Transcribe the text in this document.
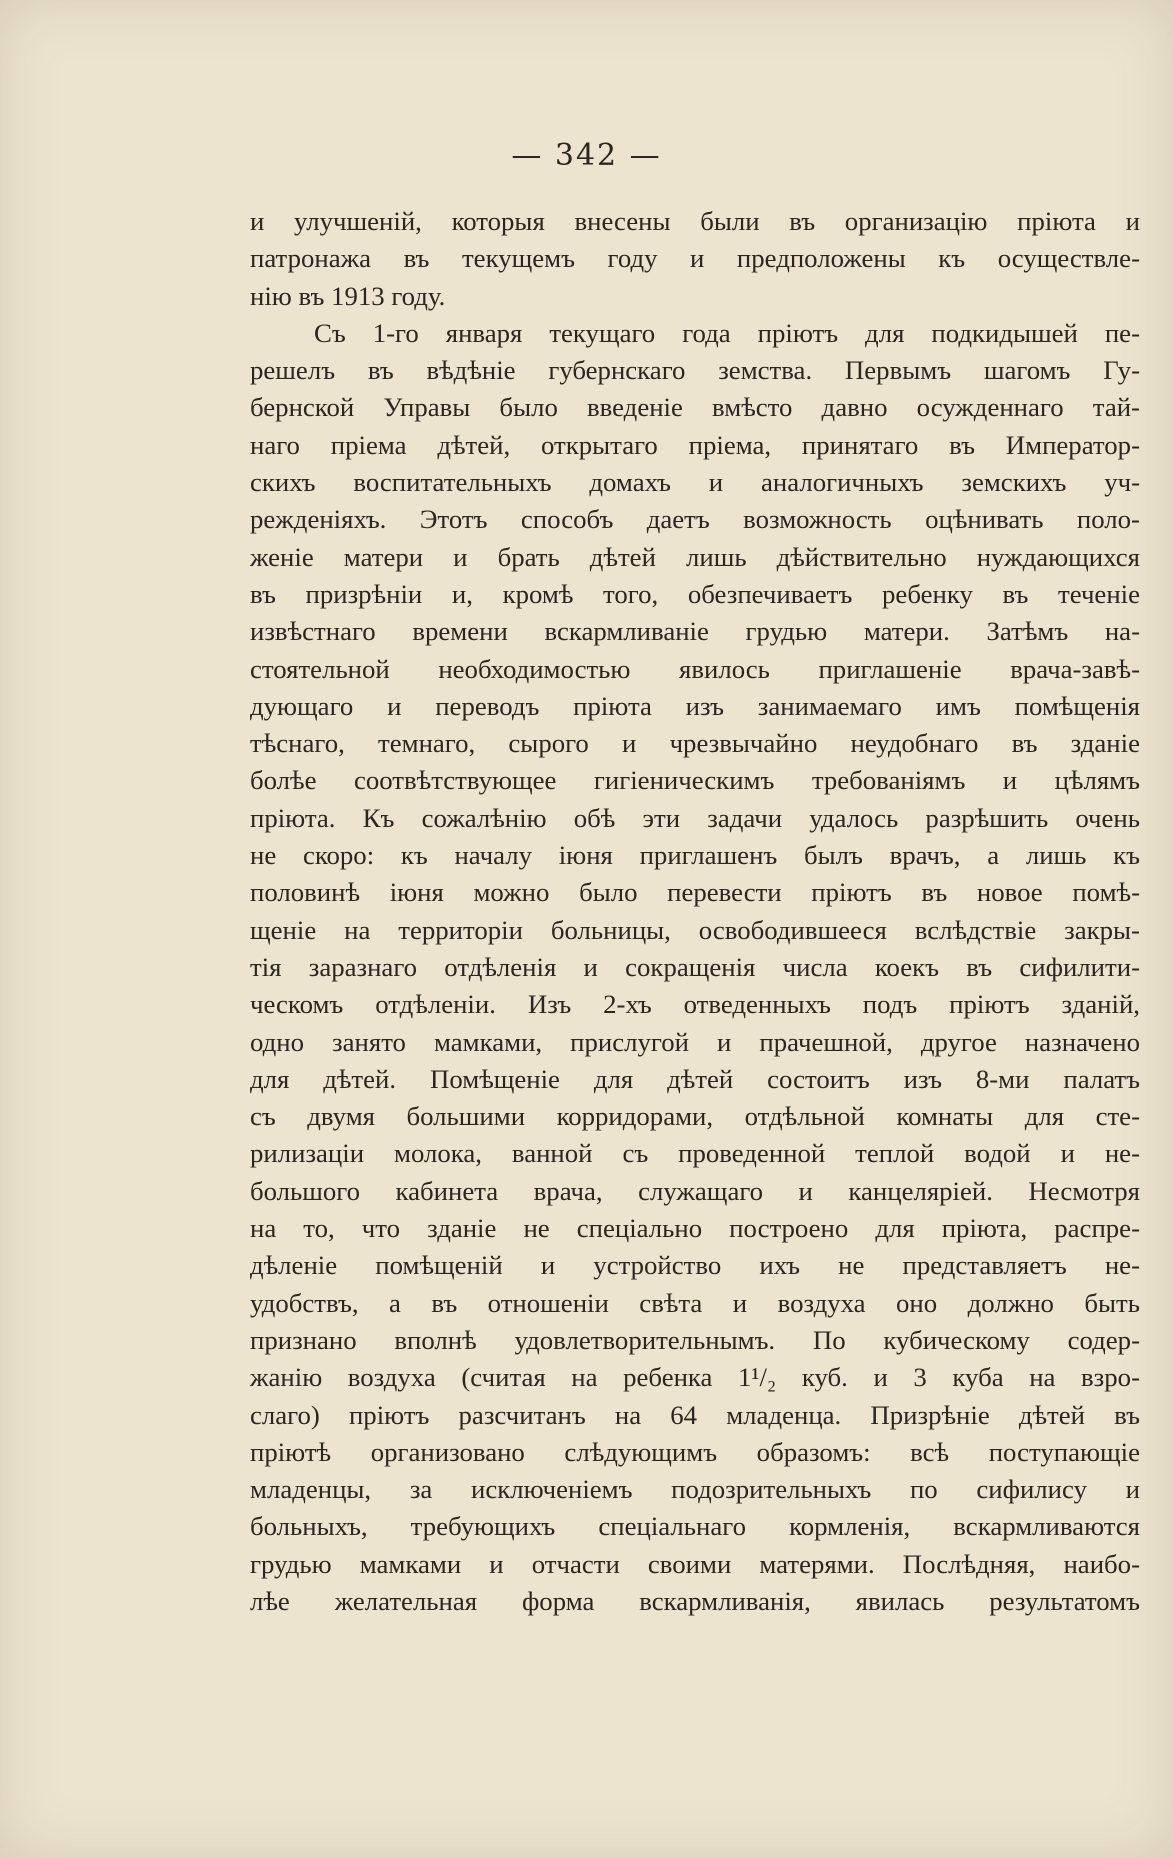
— 342 —
и улучшеній, которыя внесены были въ организацію пріюта и
патронажа въ текущемъ году и предположены къ осуществле-
нію въ 1913 году.
Съ 1-го января текущаго года пріютъ для подкидышей пе-
решелъ въ вѣдѣніе губернскаго земства. Первымъ шагомъ Гу-
бернской Управы было введеніе вмѣсто давно осужденнаго тай-
наго пріема дѣтей, открытаго пріема, принятаго въ Император-
скихъ воспитательныхъ домахъ и аналогичныхъ земскихъ уч-
режденіяхъ. Этотъ способъ даетъ возможность оцѣнивать поло-
женіе матери и брать дѣтей лишь дѣйствительно нуждающихся
въ призрѣніи и, кромѣ того, обезпечиваетъ ребенку въ теченіе
извѣстнаго времени вскармливаніе грудью матери. Затѣмъ на-
стоятельной необходимостью явилось приглашеніе врача-завѣ-
дующаго и переводъ пріюта изъ занимаемаго имъ помѣщенія
тѣснаго, темнаго, сырого и чрезвычайно неудобнаго въ зданіе
болѣе соотвѣтствующее гигіеническимъ требованіямъ и цѣлямъ
пріюта. Къ сожалѣнію обѣ эти задачи удалось разрѣшить очень
не скоро: къ началу іюня приглашенъ былъ врачъ, а лишь къ
половинѣ іюня можно было перевести пріютъ въ новое помѣ-
щеніе на территоріи больницы, освободившееся вслѣдствіе закры-
тія заразнаго отдѣленія и сокращенія числа коекъ въ сифилити-
ческомъ отдѣленіи. Изъ 2-хъ отведенныхъ подъ пріютъ зданій,
одно занято мамками, прислугой и прачешной, другое назначено
для дѣтей. Помѣщеніе для дѣтей состоитъ изъ 8-ми палатъ
съ двумя большими корридорами, отдѣльной комнаты для сте-
рилизаціи молока, ванной съ проведенной теплой водой и не-
большого кабинета врача, служащаго и канцеляріей. Несмотря
на то, что зданіе не спеціально построено для пріюта, распре-
дѣленіе помѣщеній и устройство ихъ не представляетъ не-
удобствъ, а въ отношеніи свѣта и воздуха оно должно быть
признано вполнѣ удовлетворительнымъ. По кубическому содер-
жанію воздуха (считая на ребенка 1¹/₂ куб. и 3 куба на взро-
слаго) пріютъ разсчитанъ на 64 младенца. Призрѣніе дѣтей въ
пріютѣ организовано слѣдующимъ образомъ: всѣ поступающіе
младенцы, за исключеніемъ подозрительныхъ по сифилису и
больныхъ, требующихъ спеціальнаго кормленія, вскармливаются
грудью мамками и отчасти своими матерями. Послѣдняя, наибо-
лѣе желательная форма вскармливанія, явилась результатомъ
